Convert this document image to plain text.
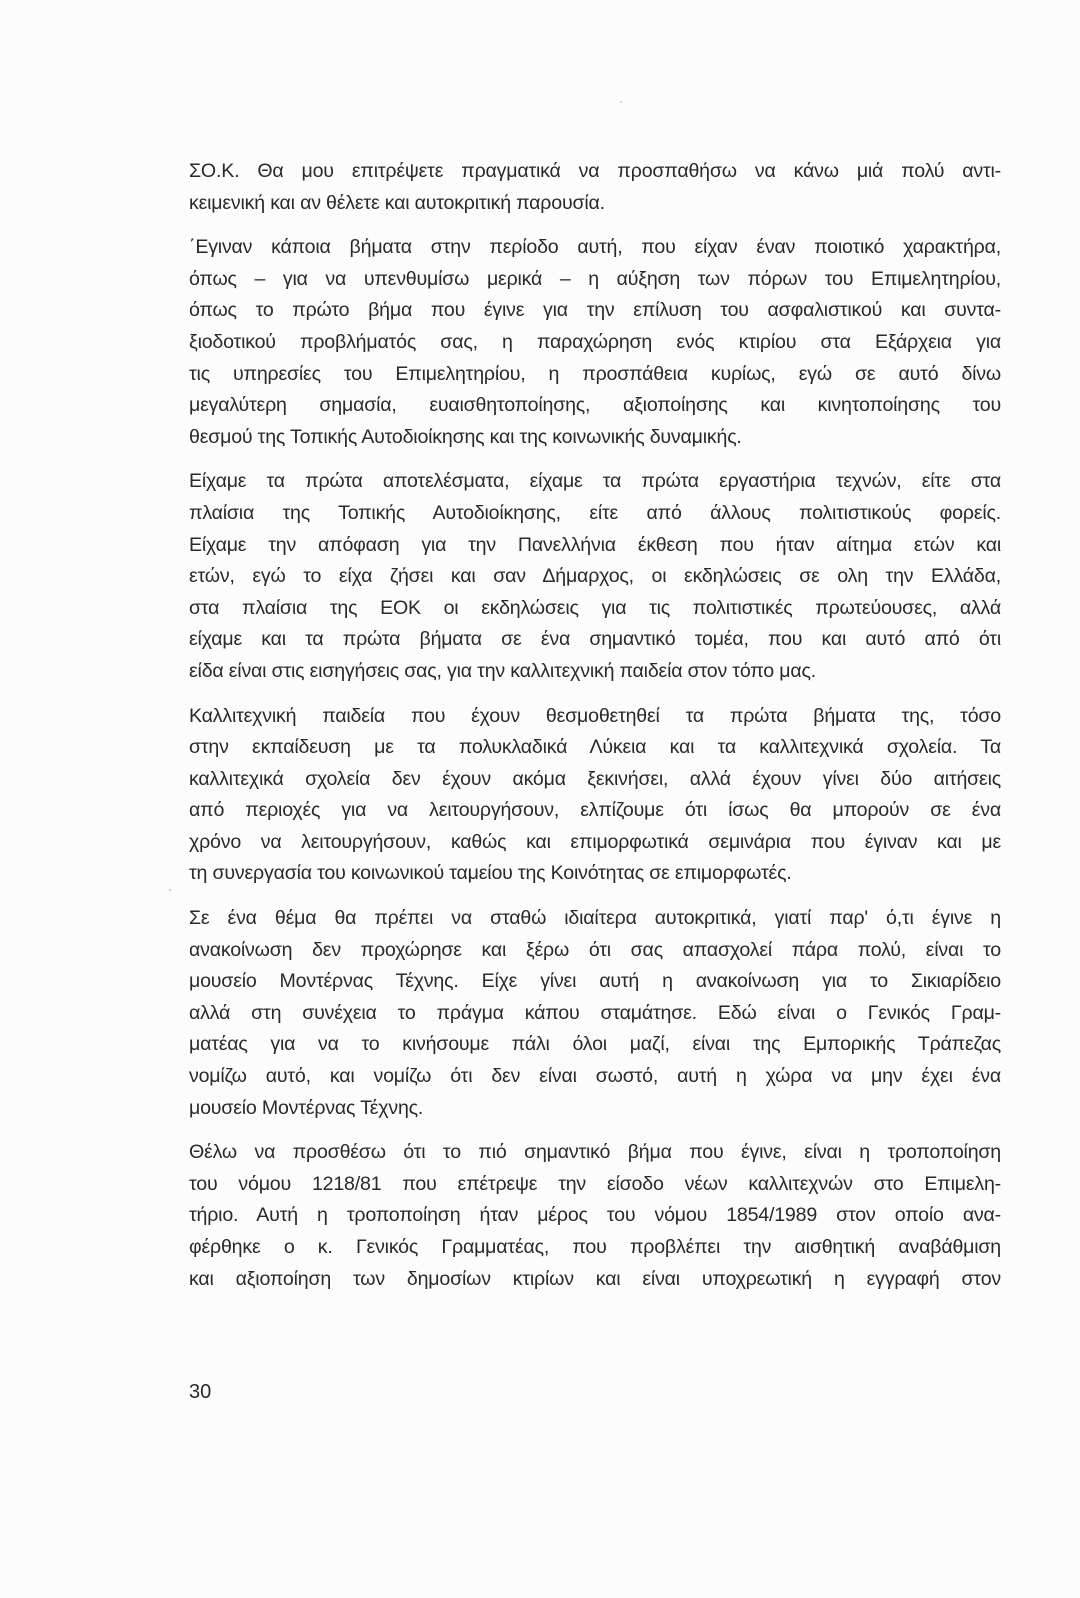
ΣΟ.Κ. Θα μου επιτρέψετε πραγματικά να προσπαθήσω να κάνω μιά πολύ αντι-
κειμενική και αν θέλετε και αυτοκριτική παρουσία.
΄Εγιναν κάποια βήματα στην περίοδο αυτή, που είχαν έναν ποιοτικό χαρακτήρα,
όπως – για να υπενθυμίσω μερικά – η αύξηση των πόρων του Επιμελητηρίου,
όπως το πρώτο βήμα που έγινε για την επίλυση του ασφαλιστικού και συντα-
ξιοδοτικού προβλήματός σας, η παραχώρηση ενός κτιρίου στα Εξάρχεια για
τις υπηρεσίες του Επιμελητηρίου, η προσπάθεια κυρίως, εγώ σε αυτό δίνω
μεγαλύτερη σημασία, ευαισθητοποίησης, αξιοποίησης και κινητοποίησης του
θεσμού της Τοπικής Αυτοδιοίκησης και της κοινωνικής δυναμικής.
Είχαμε τα πρώτα αποτελέσματα, είχαμε τα πρώτα εργαστήρια τεχνών, είτε στα
πλαίσια της Τοπικής Αυτοδιοίκησης, είτε από άλλους πολιτιστικούς φορείς.
Είχαμε την απόφαση για την Πανελλήνια έκθεση που ήταν αίτημα ετών και
ετών, εγώ το είχα ζήσει και σαν Δήμαρχος, οι εκδηλώσεις σε ολη την Ελλάδα,
στα πλαίσια της ΕΟΚ οι εκδηλώσεις για τις πολιτιστικές πρωτεύουσες, αλλά
είχαμε και τα πρώτα βήματα σε ένα σημαντικό τομέα, που και αυτό από ότι
είδα είναι στις εισηγήσεις σας, για την καλλιτεχνική παιδεία στον τόπο μας.
Καλλιτεχνική παιδεία που έχουν θεσμοθετηθεί τα πρώτα βήματα της, τόσο
στην εκπαίδευση με τα πολυκλαδικά Λύκεια και τα καλλιτεχνικά σχολεία. Τα
καλλιτεχικά σχολεία δεν έχουν ακόμα ξεκινήσει, αλλά έχουν γίνει δύο αιτήσεις
από περιοχές για να λειτουργήσουν, ελπίζουμε ότι ίσως θα μπορούν σε ένα
χρόνο να λειτουργήσουν, καθώς και επιμορφωτικά σεμινάρια που έγιναν και με
τη συνεργασία του κοινωνικού ταμείου της Κοινότητας σε επιμορφωτές.
Σε ένα θέμα θα πρέπει να σταθώ ιδιαίτερα αυτοκριτικά, γιατί παρ' ό,τι έγινε η
ανακοίνωση δεν προχώρησε και ξέρω ότι σας απασχολεί πάρα πολύ, είναι το
μουσείο Μοντέρνας Τέχνης. Είχε γίνει αυτή η ανακοίνωση για το Σικιαρίδειο
αλλά στη συνέχεια το πράγμα κάπου σταμάτησε. Εδώ είναι ο Γενικός Γραμ-
ματέας για να το κινήσουμε πάλι όλοι μαζί, είναι της Εμπορικής Τράπεζας
νομίζω αυτό, και νομίζω ότι δεν είναι σωστό, αυτή η χώρα να μην έχει ένα
μουσείο Μοντέρνας Τέχνης.
Θέλω να προσθέσω ότι το πιό σημαντικό βήμα που έγινε, είναι η τροποποίηση
του νόμου 1218/81 που επέτρεψε την είσοδο νέων καλλιτεχνών στο Επιμελη-
τήριο. Αυτή η τροποποίηση ήταν μέρος του νόμου 1854/1989 στον οποίο ανα-
φέρθηκε ο κ. Γενικός Γραμματέας, που προβλέπει την αισθητική αναβάθμιση
και αξιοποίηση των δημοσίων κτιρίων και είναι υποχρεωτική η εγγραφή στον
30
